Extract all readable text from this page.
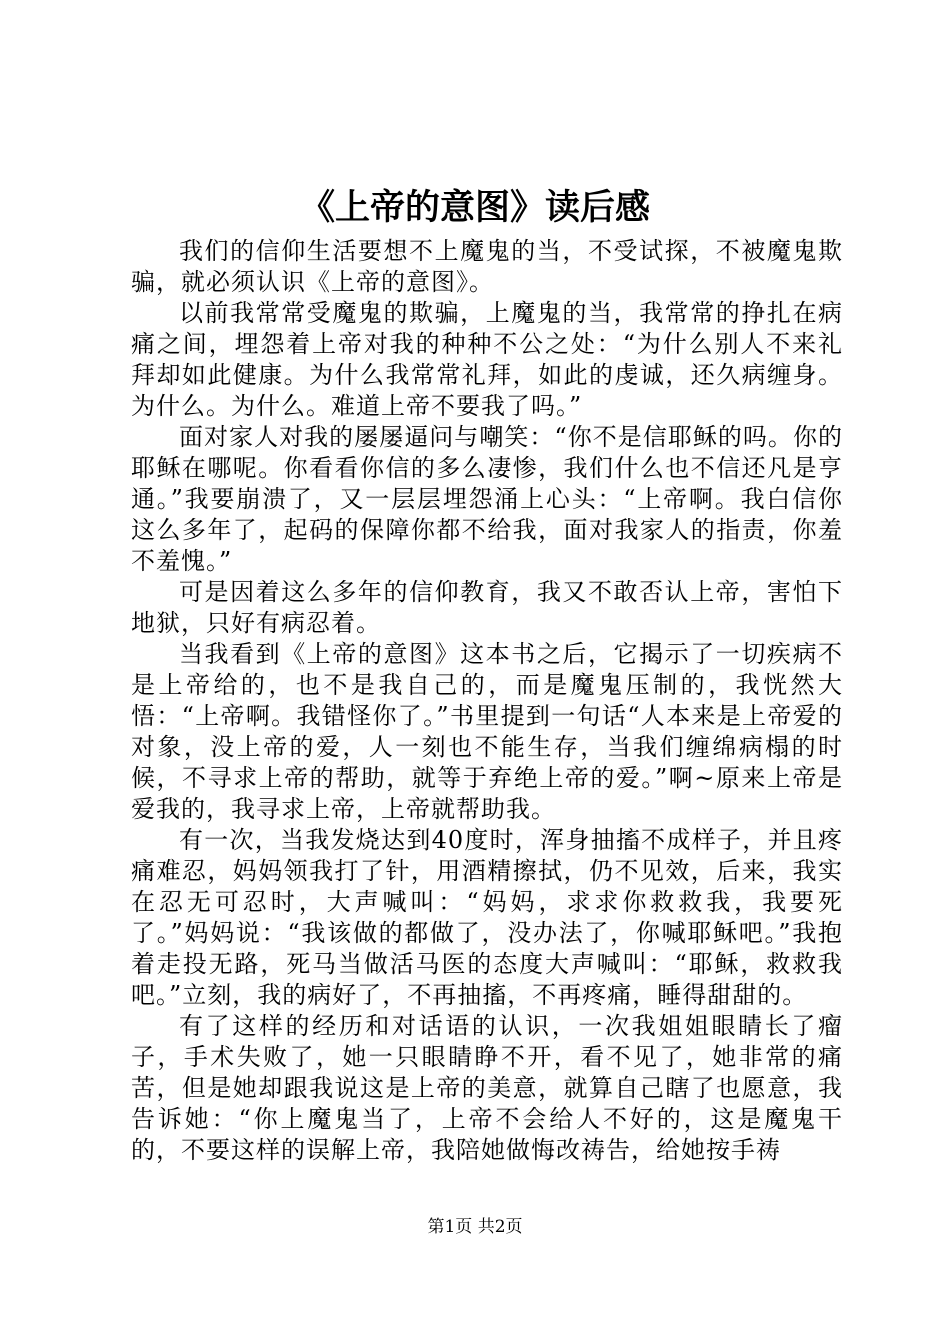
《上帝的意图》读后感

我们的信仰生活要想不上魔鬼的当，不受试探，不被魔鬼欺骗，就必须认识《上帝的意图》。

以前我常常受魔鬼的欺骗，上魔鬼的当，我常常的挣扎在病痛之间，埋怨着上帝对我的种种不公之处：“为什么别人不来礼拜却如此健康。为什么我常常礼拜，如此的虔诚，还久病缠身。为什么。为什么。难道上帝不要我了吗。”

面对家人对我的屡屡逼问与嘲笑：“你不是信耶稣的吗。你的耶稣在哪呢。你看看你信的多么凄惨，我们什么也不信还凡是亨通。”我要崩溃了，又一层层埋怨涌上心头：“上帝啊。我白信你这么多年了，起码的保障你都不给我，面对我家人的指责，你羞不羞愧。”

可是因着这么多年的信仰教育，我又不敢否认上帝，害怕下地狱，只好有病忍着。

当我看到《上帝的意图》这本书之后，它揭示了一切疾病不是上帝给的，也不是我自己的，而是魔鬼压制的，我恍然大悟：“上帝啊。我错怪你了。”书里提到一句话“人本来是上帝爱的对象，没上帝的爱，人一刻也不能生存，当我们缠绵病榻的时候，不寻求上帝的帮助，就等于弃绝上帝的爱。”啊~原来上帝是爱我的，我寻求上帝，上帝就帮助我。

有一次，当我发烧达到40度时，浑身抽搐不成样子，并且疼痛难忍，妈妈领我打了针，用酒精擦拭，仍不见效，后来，我实在忍无可忍时，大声喊叫：“妈妈，求求你救救我，我要死了。”妈妈说：“我该做的都做了，没办法了，你喊耶稣吧。”我抱着走投无路，死马当做活马医的态度大声喊叫：“耶稣，救救我吧。”立刻，我的病好了，不再抽搐，不再疼痛，睡得甜甜的。

有了这样的经历和对话语的认识，一次我姐姐眼睛长了瘤子，手术失败了，她一只眼睛睁不开，看不见了，她非常的痛苦，但是她却跟我说这是上帝的美意，就算自己瞎了也愿意，我告诉她：“你上魔鬼当了，上帝不会给人不好的，这是魔鬼干的，不要这样的误解上帝，我陪她做悔改祷告，给她按手祷

第1页 共2页
